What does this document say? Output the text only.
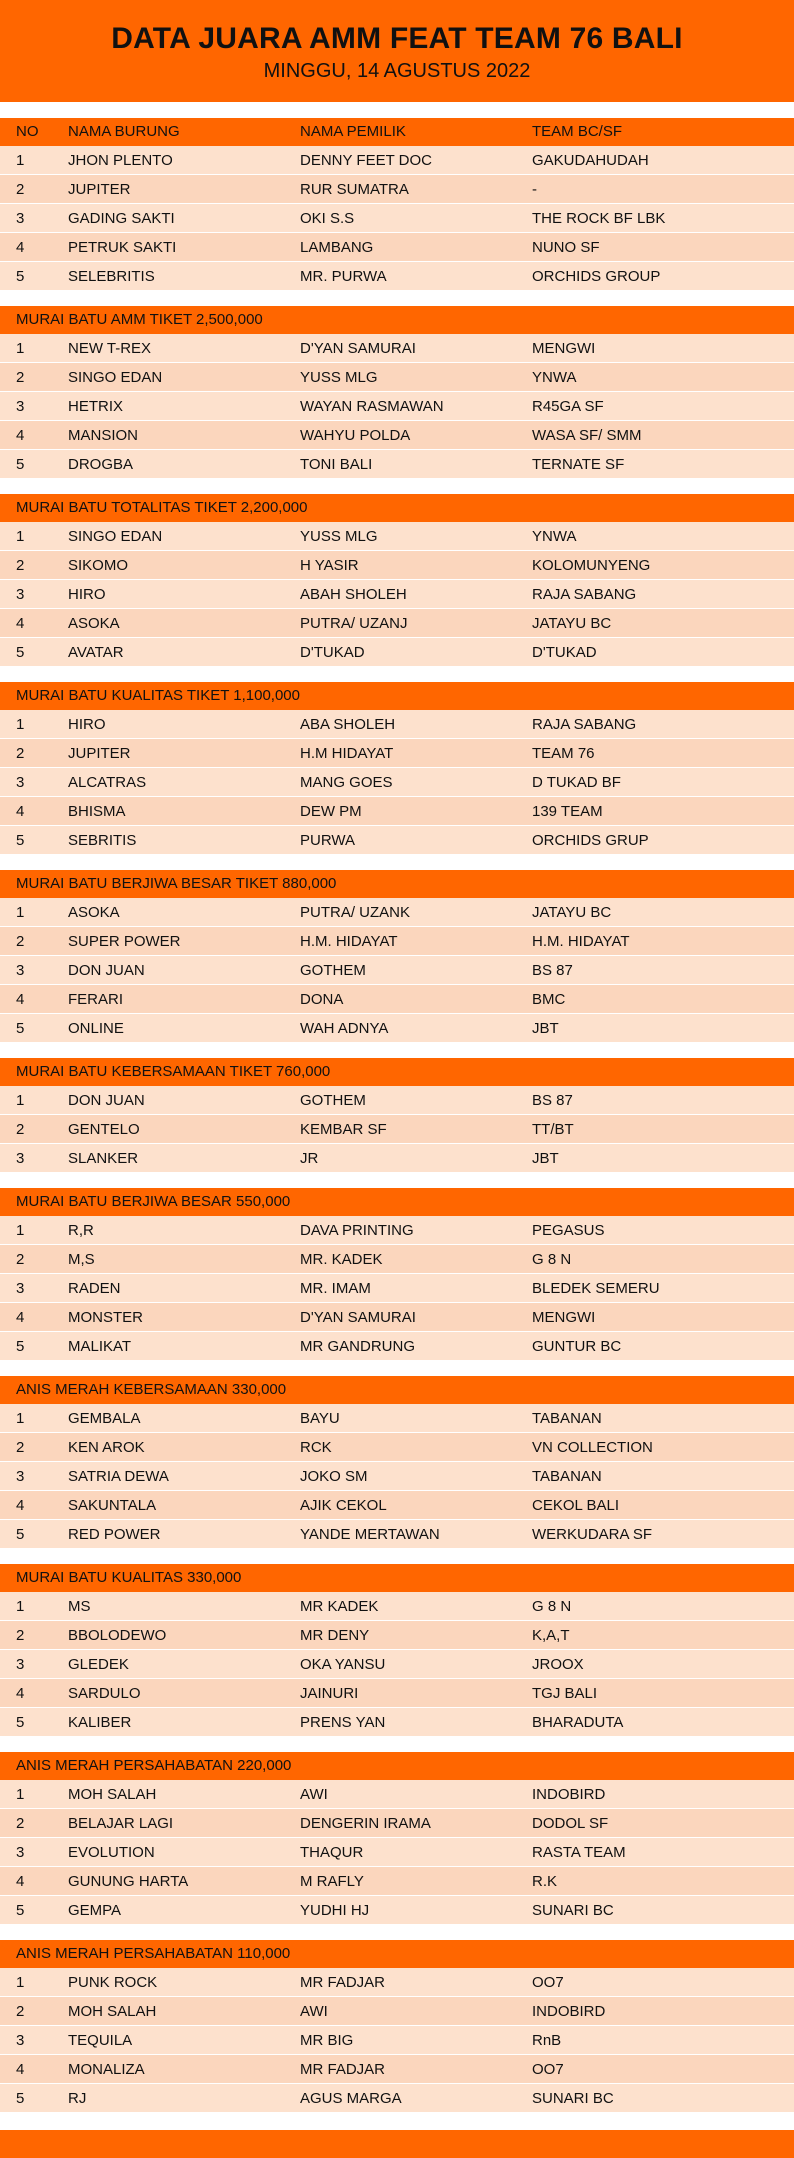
DATA JUARA AMM FEAT TEAM 76 BALI
MINGGU, 14 AGUSTUS 2022
NO NAMA BURUNG	NAMA PEMILIK	TEAM BC/SF
1	JHON PLENTO	DENNY FEET DOC	GAKUDAHUDAH
2	JUPITER	RUR SUMATRA	-
3	GADING SAKTI	OKI S.S	THE ROCK BF LBK
4	PETRUK SAKTI	LAMBANG	NUNO SF
5	SELEBRITIS	MR. PURWA	ORCHIDS GROUP
MURAI BATU AMM TIKET 2,500,000
1	NEW T-REX	D'YAN SAMURAI	MENGWI
2	SINGO EDAN	YUSS MLG	YNWA
3	HETRIX	WAYAN RASMAWAN	R45GA SF
4	MANSION	WAHYU POLDA	WASA SF/ SMM
5	DROGBA	TONI BALI	TERNATE SF
MURAI BATU TOTALITAS TIKET 2,200,000
1	SINGO EDAN	YUSS MLG	YNWA
2	SIKOMO	H YASIR	KOLOMUNYENG
3	HIRO	ABAH SHOLEH	RAJA SABANG
4	ASOKA	PUTRA/ UZANJ	JATAYU BC
5	AVATAR	D'TUKAD	D'TUKAD
MURAI BATU KUALITAS TIKET 1,100,000
1	HIRO	ABA SHOLEH	RAJA SABANG
2	JUPITER	H.M HIDAYAT	TEAM 76
3	ALCATRAS	MANG GOES	D TUKAD BF
4	BHISMA	DEW PM	139 TEAM
5	SEBRITIS	PURWA	ORCHIDS GRUP
MURAI BATU BERJIWA BESAR TIKET 880,000
1	ASOKA	PUTRA/ UZANK	JATAYU BC
2	SUPER POWER	H.M. HIDAYAT	H.M. HIDAYAT
3	DON JUAN	GOTHEM	BS 87
4	FERARI	DONA	BMC
5	ONLINE	WAH ADNYA	JBT
MURAI BATU KEBERSAMAAN TIKET 760,000
1	DON JUAN	GOTHEM	BS 87
2	GENTELO	KEMBAR SF	TT/BT
3	SLANKER	JR	JBT
MURAI BATU BERJIWA BESAR 550,000
1	R,R	DAVA PRINTING	PEGASUS
2	M,S	MR. KADEK	G 8 N
3	RADEN	MR. IMAM	BLEDEK SEMERU
4	MONSTER	D'YAN SAMURAI	MENGWI
5	MALIKAT	MR GANDRUNG	GUNTUR BC
ANIS MERAH KEBERSAMAAN 330,000
1	GEMBALA	BAYU	TABANAN
2	KEN AROK	RCK	VN COLLECTION
3	SATRIA DEWA	JOKO SM	TABANAN
4	SAKUNTALA	AJIK CEKOL	CEKOL BALI
5	RED POWER	YANDE MERTAWAN	WERKUDARA SF
MURAI BATU KUALITAS 330,000
1	MS	MR KADEK	G 8 N
2	BBOLODEWO	MR DENY	K,A,T
3	GLEDEK	OKA YANSU	JROOX
4	SARDULO	JAINURI	TGJ BALI
5	KALIBER	PRENS YAN	BHARADUTA
ANIS MERAH PERSAHABATAN 220,000
1	MOH SALAH	AWI	INDOBIRD
2	BELAJAR LAGI	DENGERIN IRAMA	DODOL SF
3	EVOLUTION	THAQUR	RASTA TEAM
4	GUNUNG HARTA	M RAFLY	R.K
5	GEMPA	YUDHI HJ	SUNARI BC
ANIS MERAH PERSAHABATAN 110,000
1	PUNK ROCK	MR FADJAR	OO7
2	MOH SALAH	AWI	INDOBIRD
3	TEQUILA	MR BIG	RnB
4	MONALIZA	MR FADJAR	OO7
5	RJ	AGUS MARGA	SUNARI BC
